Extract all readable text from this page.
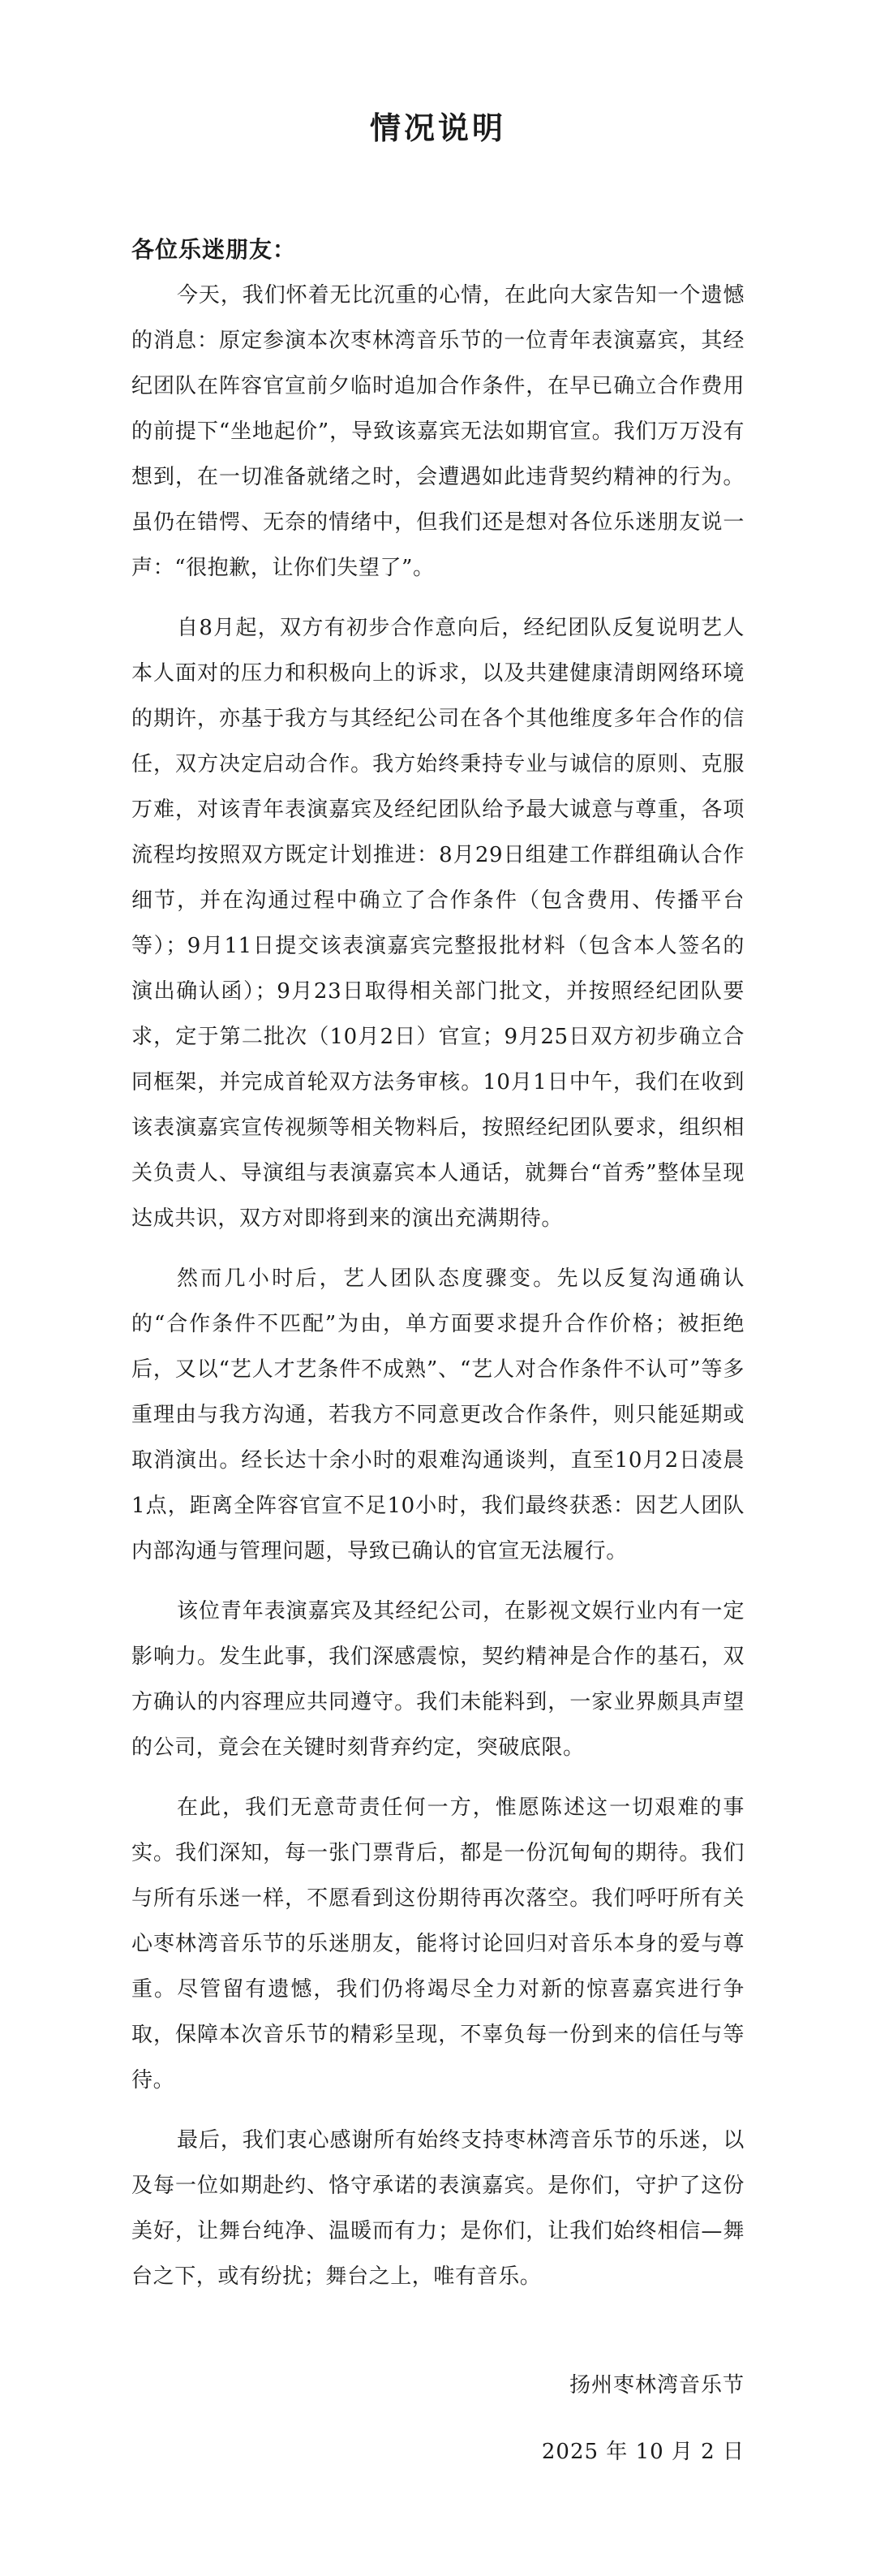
情况说明
各位乐迷朋友：

今天，我们怀着无比沉重的心情，在此向大家告知一个遗憾的消息：原定参演本次枣林湾音乐节的一位青年表演嘉宾，其经纪团队在阵容官宣前夕临时追加合作条件，在早已确立合作费用的前提下“坐地起价”，导致该嘉宾无法如期官宣。我们万万没有想到，在一切准备就绪之时，会遭遇如此违背契约精神的行为。虽仍在错愕、无奈的情绪中，但我们还是想对各位乐迷朋友说一声：“很抱歉，让你们失望了”。

自8月起，双方有初步合作意向后，经纪团队反复说明艺人本人面对的压力和积极向上的诉求，以及共建健康清朗网络环境的期许，亦基于我方与其经纪公司在各个其他维度多年合作的信任，双方决定启动合作。我方始终秉持专业与诚信的原则、克服万难，对该青年表演嘉宾及经纪团队给予最大诚意与尊重，各项流程均按照双方既定计划推进：8月29日组建工作群组确认合作细节，并在沟通过程中确立了合作条件（包含费用、传播平台等）；9月11日提交该表演嘉宾完整报批材料（包含本人签名的演出确认函）；9月23日取得相关部门批文，并按照经纪团队要求，定于第二批次（10月2日）官宣；9月25日双方初步确立合同框架，并完成首轮双方法务审核。10月1日中午，我们在收到该表演嘉宾宣传视频等相关物料后，按照经纪团队要求，组织相关负责人、导演组与表演嘉宾本人通话，就舞台“首秀”整体呈现达成共识，双方对即将到来的演出充满期待。

然而几小时后，艺人团队态度骤变。先以反复沟通确认的“合作条件不匹配”为由，单方面要求提升合作价格；被拒绝后，又以“艺人才艺条件不成熟”、“艺人对合作条件不认可”等多重理由与我方沟通，若我方不同意更改合作条件，则只能延期或取消演出。经长达十余小时的艰难沟通谈判，直至10月2日凌晨1点，距离全阵容官宣不足10小时，我们最终获悉：因艺人团队内部沟通与管理问题，导致已确认的官宣无法履行。

该位青年表演嘉宾及其经纪公司，在影视文娱行业内有一定影响力。发生此事，我们深感震惊，契约精神是合作的基石，双方确认的内容理应共同遵守。我们未能料到，一家业界颇具声望的公司，竟会在关键时刻背弃约定，突破底限。

在此，我们无意苛责任何一方，惟愿陈述这一切艰难的事实。我们深知，每一张门票背后，都是一份沉甸甸的期待。我们与所有乐迷一样，不愿看到这份期待再次落空。我们呼吁所有关心枣林湾音乐节的乐迷朋友，能将讨论回归对音乐本身的爱与尊重。尽管留有遗憾，我们仍将竭尽全力对新的惊喜嘉宾进行争取，保障本次音乐节的精彩呈现，不辜负每一份到来的信任与等待。

最后，我们衷心感谢所有始终支持枣林湾音乐节的乐迷，以及每一位如期赴约、恪守承诺的表演嘉宾。是你们，守护了这份美好，让舞台纯净、温暖而有力；是你们，让我们始终相信—舞台之下，或有纷扰；舞台之上，唯有音乐。

扬州枣林湾音乐节
2025 年 10 月 2 日
